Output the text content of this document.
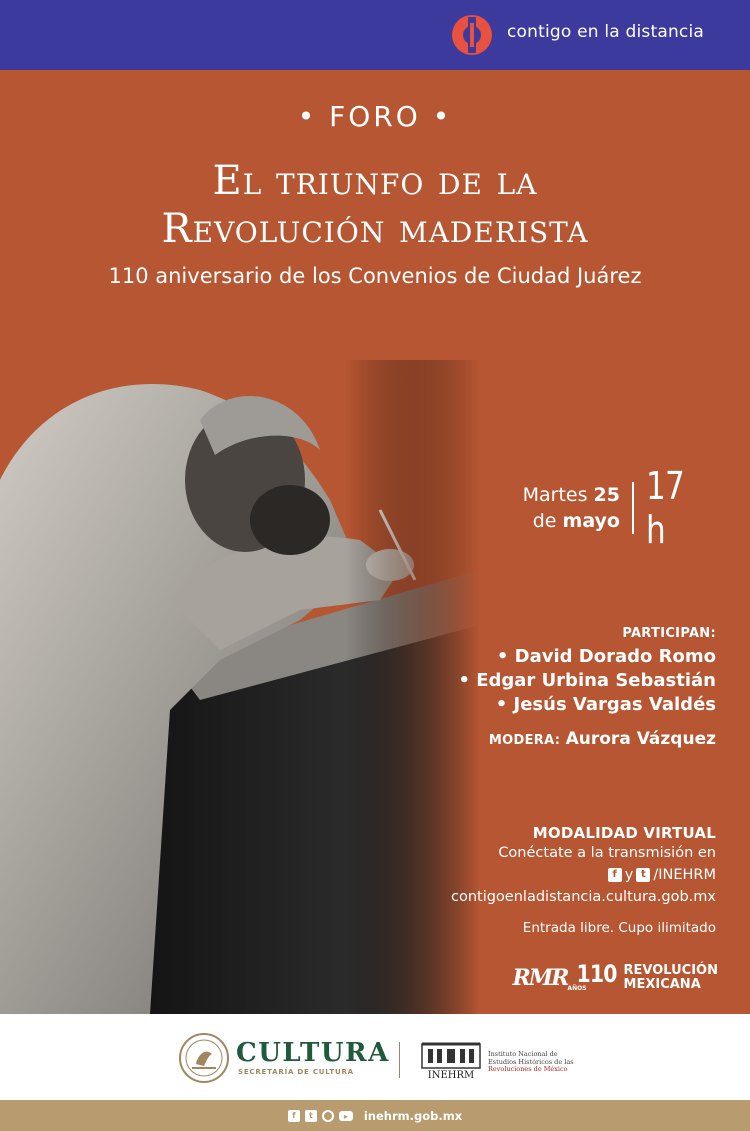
contigo en la distancia
• FORO •
El triunfo de la
Revolución maderista
110 aniversario de los Convenios de Ciudad Juárez
Martes 25
de mayo
17 h
PARTICIPAN:
• David Dorado Romo
• Edgar Urbina Sebastián
• Jesús Vargas Valdés
MODERA: Aurora Vázquez
MODALIDAD VIRTUAL
Conéctate a la transmisión en
f y t /INEHRM
contigoenladistancia.cultura.gob.mx
Entrada libre. Cupo ilimitado
RMR 110
AÑOS
REVOLUCIÓN
MEXICANA
CULTURA
SECRETARÍA DE CULTURA	INEHRM
Instituto Nacional de
Estudios Históricos de las
Revoluciones de México
f	t	▸	inehrm.gob.mx
